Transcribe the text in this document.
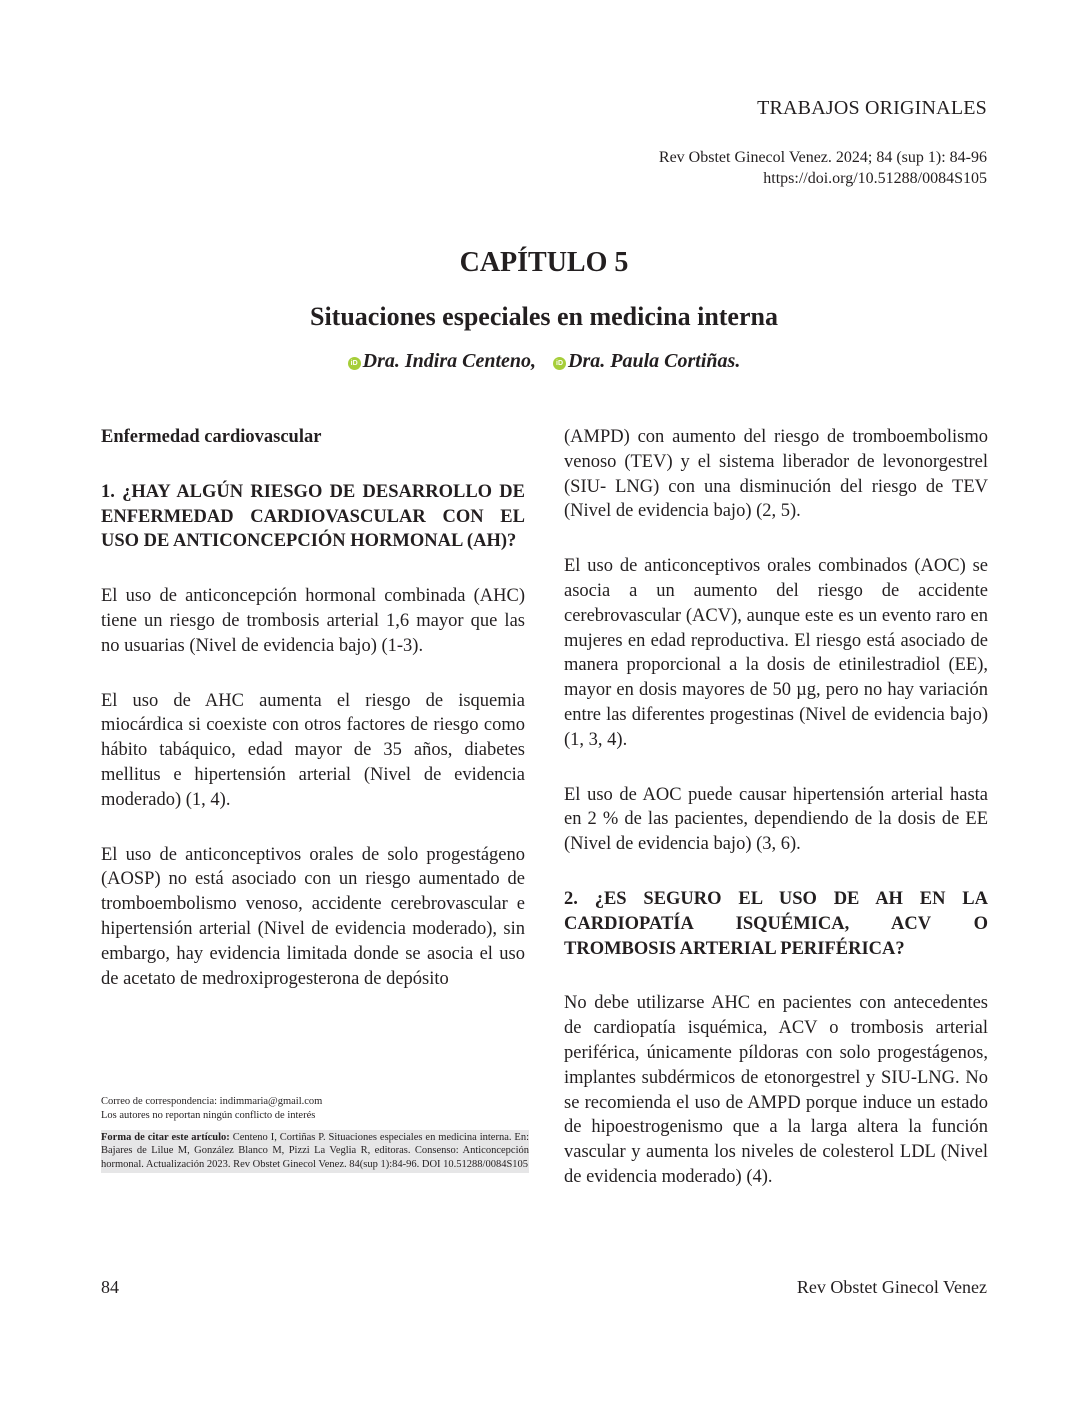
TRABAJOS ORIGINALES
Rev Obstet Ginecol Venez. 2024; 84 (sup 1): 84-96
https://doi.org/10.51288/0084S105
CAPÍTULO 5
Situaciones especiales en medicina interna
iD Dra. Indira Centeno,	iD Dra. Paula Cortiñas.
Enfermedad cardiovascular
1. ¿HAY ALGÚN RIESGO DE DESARROLLO DE ENFERMEDAD CARDIOVASCULAR CON EL USO DE ANTICONCEPCIÓN HORMONAL (AH)?

El uso de anticoncepción hormonal combinada (AHC) tiene un riesgo de trombosis arterial 1,6 mayor que las no usuarias (Nivel de evidencia bajo) (1-3).

El uso de AHC aumenta el riesgo de isquemia miocárdica si coexiste con otros factores de riesgo como hábito tabáquico, edad mayor de 35 años, diabetes mellitus e hipertensión arterial (Nivel de evidencia moderado) (1, 4).

El uso de anticonceptivos orales de solo progestágeno (AOSP) no está asociado con un riesgo aumentado de tromboembolismo venoso, accidente cerebrovascular e hipertensión arterial (Nivel de evidencia moderado), sin embargo, hay evidencia limitada donde se asocia el uso de acetato de medroxiprogesterona de depósito

(AMPD) con aumento del riesgo de tromboembolismo venoso (TEV) y el sistema liberador de levonorgestrel (SIU- LNG) con una disminución del riesgo de TEV (Nivel de evidencia bajo) (2, 5).

El uso de anticonceptivos orales combinados (AOC) se asocia a un aumento del riesgo de accidente cerebrovascular (ACV), aunque este es un evento raro en mujeres en edad reproductiva. El riesgo está asociado de manera proporcional a la dosis de etinilestradiol (EE), mayor en dosis mayores de 50 µg, pero no hay variación entre las diferentes progestinas (Nivel de evidencia bajo) (1, 3, 4).

El uso de AOC puede causar hipertensión arterial hasta en 2 % de las pacientes, dependiendo de la dosis de EE (Nivel de evidencia bajo) (3, 6).

2. ¿ES SEGURO EL USO DE AH EN LA CARDIOPATÍA ISQUÉMICA, ACV O TROMBOSIS ARTERIAL PERIFÉRICA?

No debe utilizarse AHC en pacientes con antecedentes de cardiopatía isquémica, ACV o trombosis arterial periférica, únicamente píldoras con solo progestágenos, implantes subdérmicos de etonorgestrel y SIU-LNG. No se recomienda el uso de AMPD porque induce un estado de hipoestrogenismo que a la larga altera la función vascular y aumenta los niveles de colesterol LDL (Nivel de evidencia moderado) (4).

Correo de correspondencia: indimmaria@gmail.com
Los autores no reportan ningún conflicto de interés
Forma de citar este artículo: Centeno I, Cortiñas P. Situaciones especiales en medicina interna. En: Bajares de Lilue M, González Blanco M, Pizzi La Veglia R, editoras. Consenso: Anticoncepción hormonal. Actualización 2023. Rev Obstet Ginecol Venez. 84(sup 1):84-96. DOI 10.51288/0084S105
84	Rev Obstet Ginecol Venez
